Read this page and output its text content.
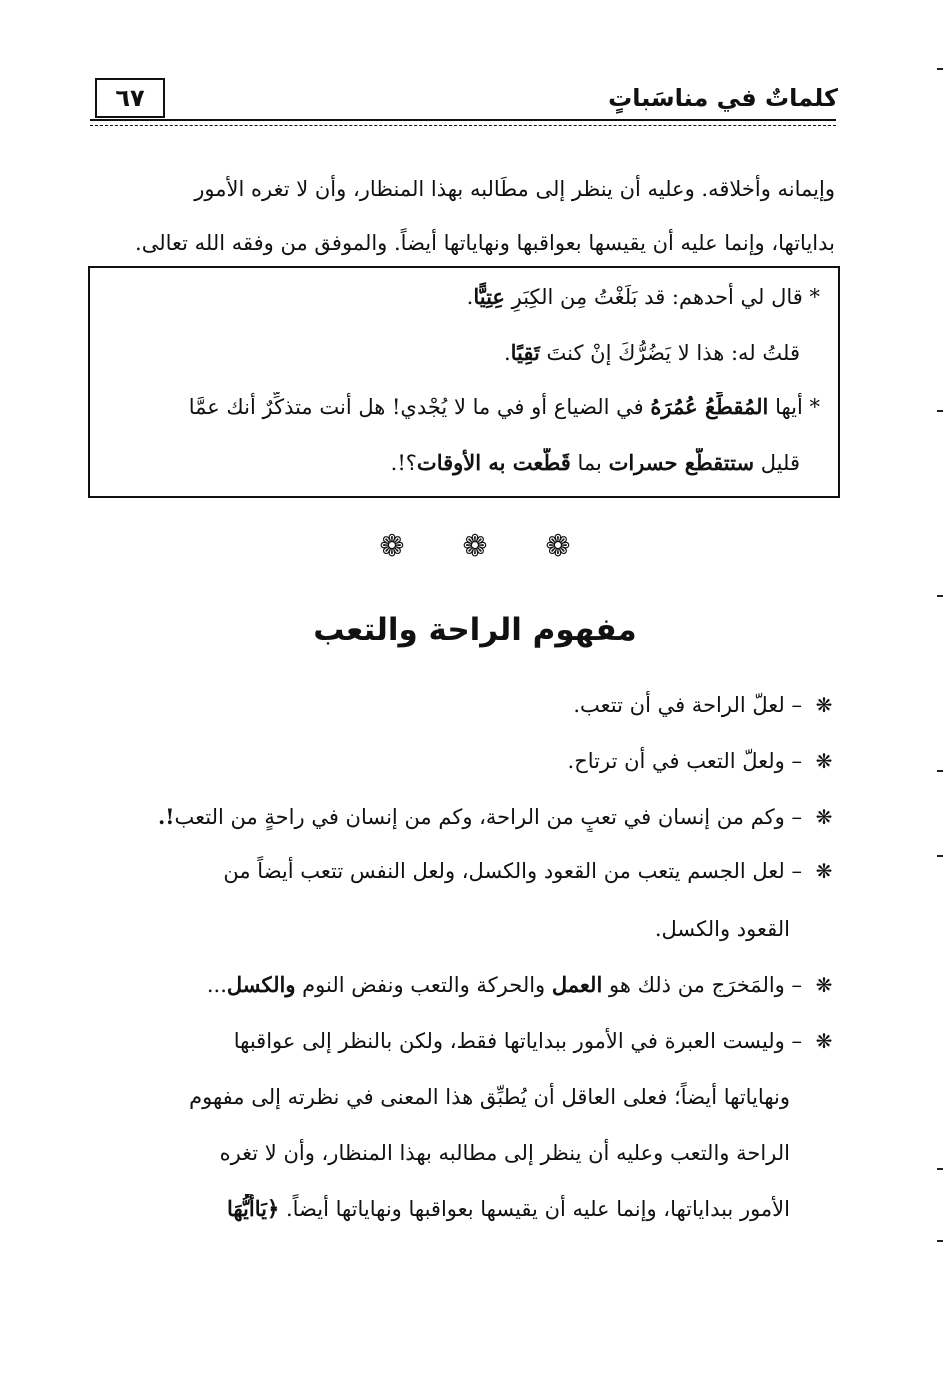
كلماتٌ في مناسَباتٍ
٦٧
وإيمانه وأخلاقه. وعليه أن ينظر إلى مطَالبه بهذا المنظار، وأن لا تغره الأمور
بداياتها، وإنما عليه أن يقيسها بعواقبها ونهاياتها أيضاً. والموفق من وفقه الله تعالى.
* قال لي أحدهم: قد بَلَغْتُ مِن الكِبَرِ عِتِيًّا.
قلتُ له: هذا لا يَضُرُّكَ إنْ كنتَ تَقِيًا.
* أيها المُقطِّعُ عُمُرَهُ في الضياع أو في ما لا يُجْدي! هل أنت متذكِّرٌ أنك عمَّا
قليل ستتقطَّع حسرات بما قَطَّعت به الأوقات؟!.
❁ ❁ ❁
مفهوم الراحة والتعب
❋– لعلّ الراحة في أن تتعب.
❋– ولعلّ التعب في أن ترتاح.
❋– وكم من إنسان في تعبٍ من الراحة، وكم من إنسان في راحةٍ من التعب!.
❋– لعل الجسم يتعب من القعود والكسل، ولعل النفس تتعب أيضاً من
القعود والكسل.
❋– والمَخرَج من ذلك هو العمل والحركة والتعب ونفض النوم والكسل...
❋– وليست العبرة في الأمور ببداياتها فقط، ولكن بالنظر إلى عواقبها
ونهاياتها أيضاً؛ فعلى العاقل أن يُطبِّق هذا المعنى في نظرته إلى مفهوم
الراحة والتعب وعليه أن ينظر إلى مطالبه بهذا المنظار، وأن لا تغره
الأمور ببداياتها، وإنما عليه أن يقيسها بعواقبها ونهاياتها أيضاً. ﴿يَاأَيُّهَا
